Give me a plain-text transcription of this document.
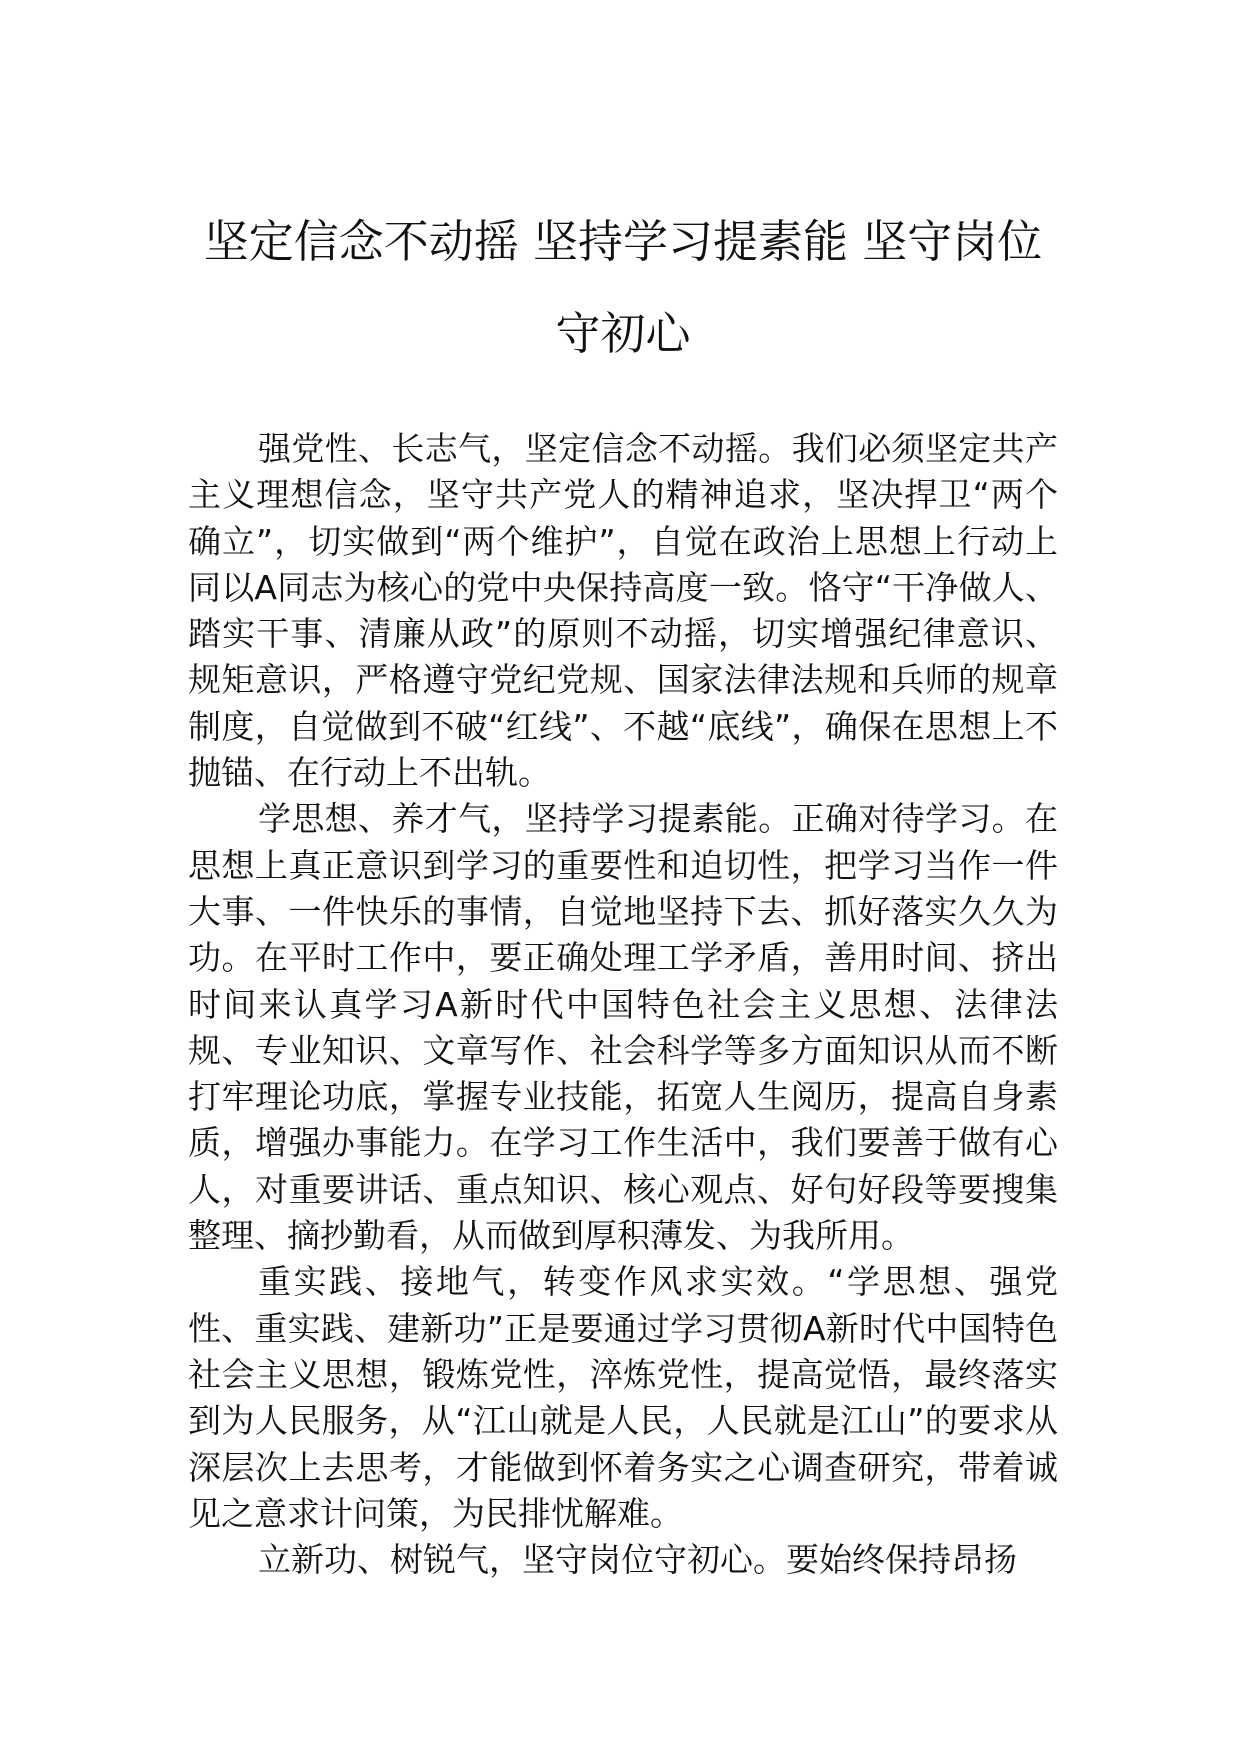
坚定信念不动摇 坚持学习提素能 坚守岗位守初心

强党性、长志气，坚定信念不动摇。我们必须坚定共产主义理想信念，坚守共产党人的精神追求，坚决捍卫“两个确立”，切实做到“两个维护”，自觉在政治上思想上行动上同以A同志为核心的党中央保持高度一致。恪守“干净做人、踏实干事、清廉从政”的原则不动摇，切实增强纪律意识、规矩意识，严格遵守党纪党规、国家法律法规和兵师的规章制度，自觉做到不破“红线”、不越“底线”，确保在思想上不抛锚、在行动上不出轨。

学思想、养才气，坚持学习提素能。正确对待学习。在思想上真正意识到学习的重要性和迫切性，把学习当作一件大事、一件快乐的事情，自觉地坚持下去、抓好落实久久为功。在平时工作中，要正确处理工学矛盾，善用时间、挤出时间来认真学习A新时代中国特色社会主义思想、法律法规、专业知识、文章写作、社会科学等多方面知识从而不断打牢理论功底，掌握专业技能，拓宽人生阅历，提高自身素质，增强办事能力。在学习工作生活中，我们要善于做有心人，对重要讲话、重点知识、核心观点、好句好段等要搜集整理、摘抄勤看，从而做到厚积薄发、为我所用。

重实践、接地气，转变作风求实效。“学思想、强党性、重实践、建新功”正是要通过学习贯彻A新时代中国特色社会主义思想，锻炼党性，淬炼党性，提高觉悟，最终落实到为人民服务，从“江山就是人民，人民就是江山”的要求从深层次上去思考，才能做到怀着务实之心调查研究，带着诚见之意求计问策，为民排忧解难。

立新功、树锐气，坚守岗位守初心。要始终保持昂扬
